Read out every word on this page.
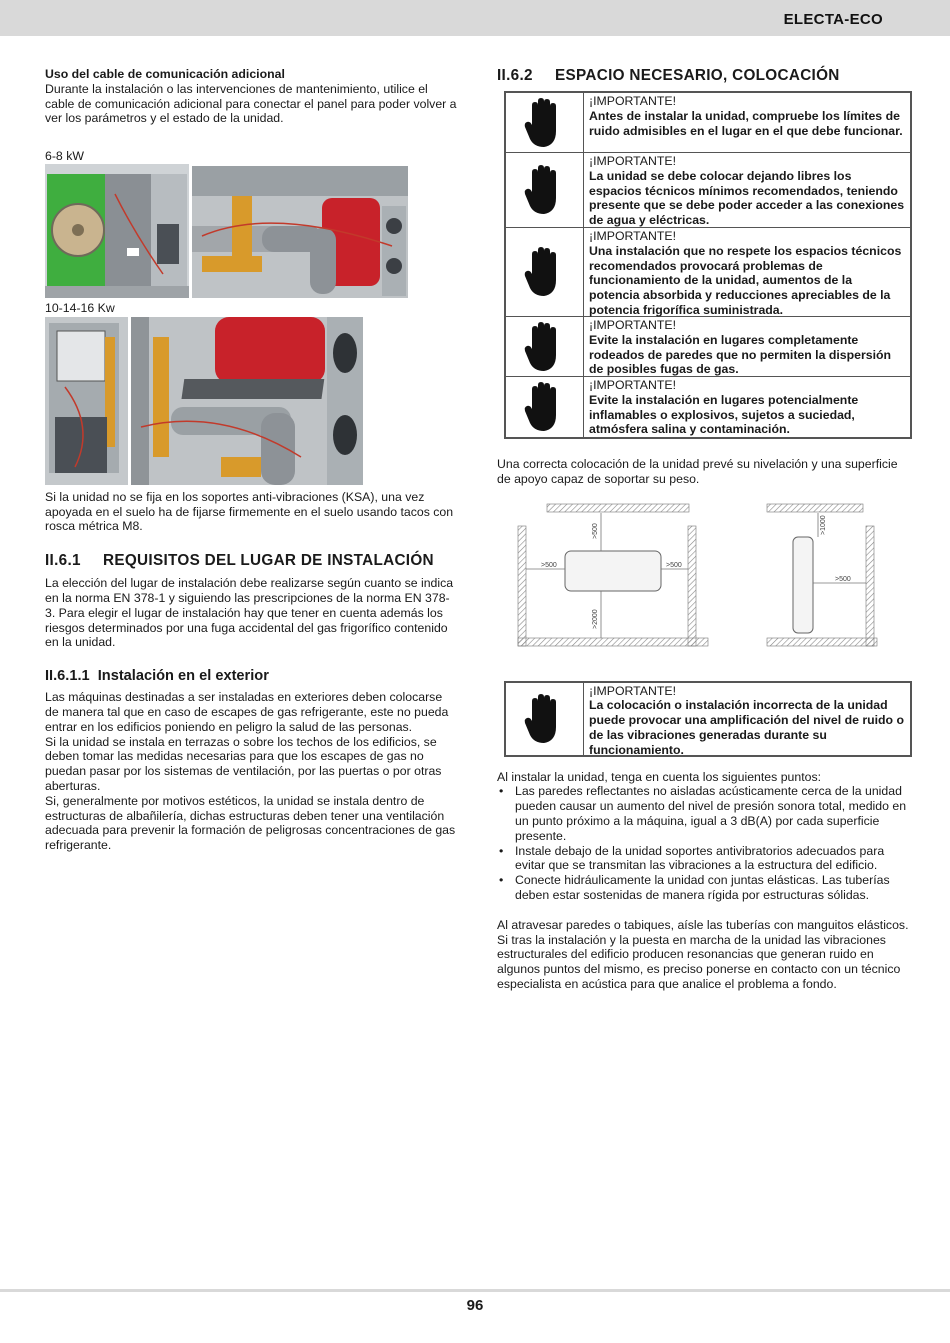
ELECTA-ECO

Uso del cable de comunicación adicional

Durante la instalación o las intervenciones de mantenimiento, utilice el cable de comunicación adicional para conectar el panel para poder volver a ver los parámetros y el estado de la unidad.

6-8 kW

10-14-16 Kw

Si la unidad no se fija en los soportes anti-vibraciones (KSA), una vez apoyada en el suelo ha de fijarse firmemente en el suelo usando tacos con rosca métrica M8.

II.6.1 REQUISITOS DEL LUGAR DE INSTALACIÓN

La elección del lugar de instalación debe realizarse según cuanto se indica en la norma EN 378-1 y siguiendo las prescripciones de la norma EN 378- 3. Para elegir el lugar de instalación hay que tener en cuenta además los riesgos determinados por una fuga accidental del gas frigorífico contenido en la unidad.

II.6.1.1 Instalación en el exterior

Las máquinas destinadas a ser instaladas en exteriores deben colocarse de manera tal que en caso de escapes de gas refrigerante, este no pueda entrar en los edificios poniendo en peligro la salud de las personas.

Si la unidad se instala en terrazas o sobre los techos de los edificios, se deben tomar las medidas necesarias para que los escapes de gas no puedan pasar por los sistemas de ventilación, por las puertas o por otras aberturas.

Si, generalmente por motivos estéticos, la unidad se instala dentro de estructuras de albañilería, dichas estructuras deben tener una ventilación adecuada para prevenir la formación de peligrosas concentraciones de gas refrigerante.

II.6.2 ESPACIO NECESARIO, COLOCACIÓN
¡IMPORTANTE!
Antes de instalar la unidad, compruebe los límites de ruido admisibles en el lugar en el que debe funcionar.
¡IMPORTANTE!
La unidad se debe colocar dejando libres los espacios técnicos mínimos recomendados, teniendo presente que se debe poder acceder a las conexiones de agua y eléctricas.
¡IMPORTANTE!
Una instalación que no respete los espacios técnicos recomendados provocará problemas de funcionamiento de la unidad, aumentos de la potencia absorbida y reducciones apreciables de la potencia frigorífica suministrada.
¡IMPORTANTE!
Evite la instalación en lugares completamente rodeados de paredes que no permiten la dispersión de posibles fugas de gas.
¡IMPORTANTE!
Evite la instalación en lugares potencialmente inflamables o explosivos, sujetos a suciedad, atmósfera salina y contaminación.

Una correcta colocación de la unidad prevé su nivelación y una superficie de apoyo capaz de soportar su peso.

>500
>2000
>500	>500
>1000
>500
¡IMPORTANTE!
La colocación o instalación incorrecta de la unidad puede provocar una amplificación del nivel de ruido o de las vibraciones generadas durante su funcionamiento.

Al instalar la unidad, tenga en cuenta los siguientes puntos:

• Las paredes reflectantes no aisladas acústicamente cerca de la unidad pueden causar un aumento del nivel de presión sonora total, medido en un punto próximo a la máquina, igual a 3 dB(A) por cada superficie presente.
• Instale debajo de la unidad soportes antivibratorios adecuados para evitar que se transmitan las vibraciones a la estructura del edificio.
• Conecte hidráulicamente la unidad con juntas elásticas. Las tuberías deben estar sostenidas de manera rígida por estructuras sólidas.

Al atravesar paredes o tabiques, aísle las tuberías con manguitos elásticos. Si tras la instalación y la puesta en marcha de la unidad las vibraciones estructurales del edificio producen resonancias que generan ruido en algunos puntos del mismo, es preciso ponerse en contacto con un técnico especialista en acústica para que analice el problema a fondo.

96
